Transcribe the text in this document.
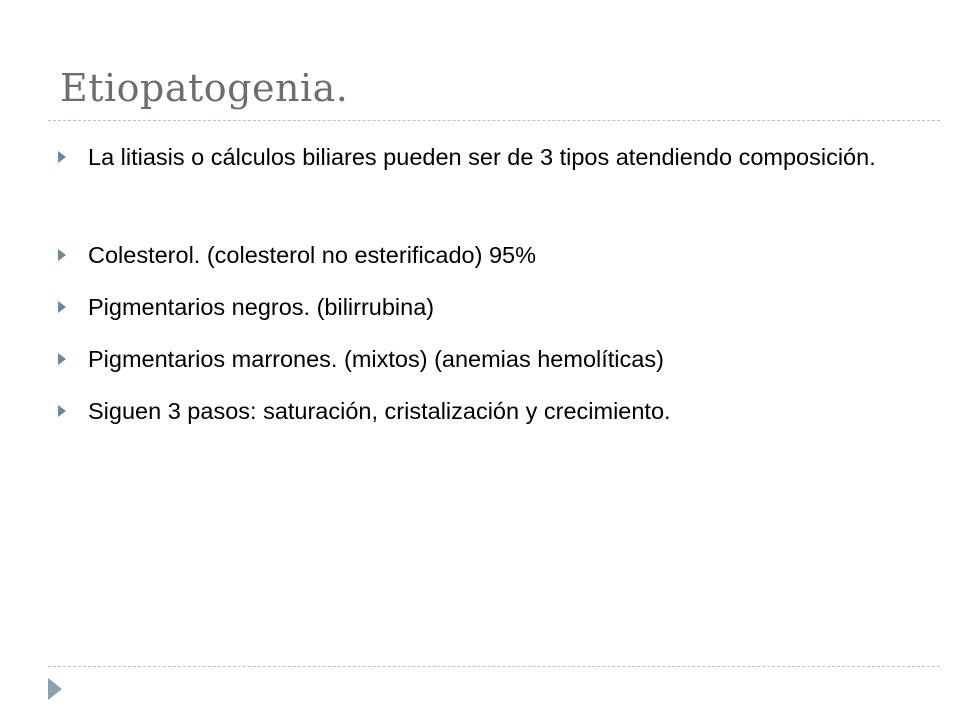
Etiopatogenia.
La litiasis o cálculos biliares pueden ser de 3 tipos atendiendo composición.
Colesterol. (colesterol no esterificado) 95%
Pigmentarios negros. (bilirrubina)
Pigmentarios marrones. (mixtos) (anemias hemolíticas)
Siguen 3 pasos: saturación, cristalización y crecimiento.
